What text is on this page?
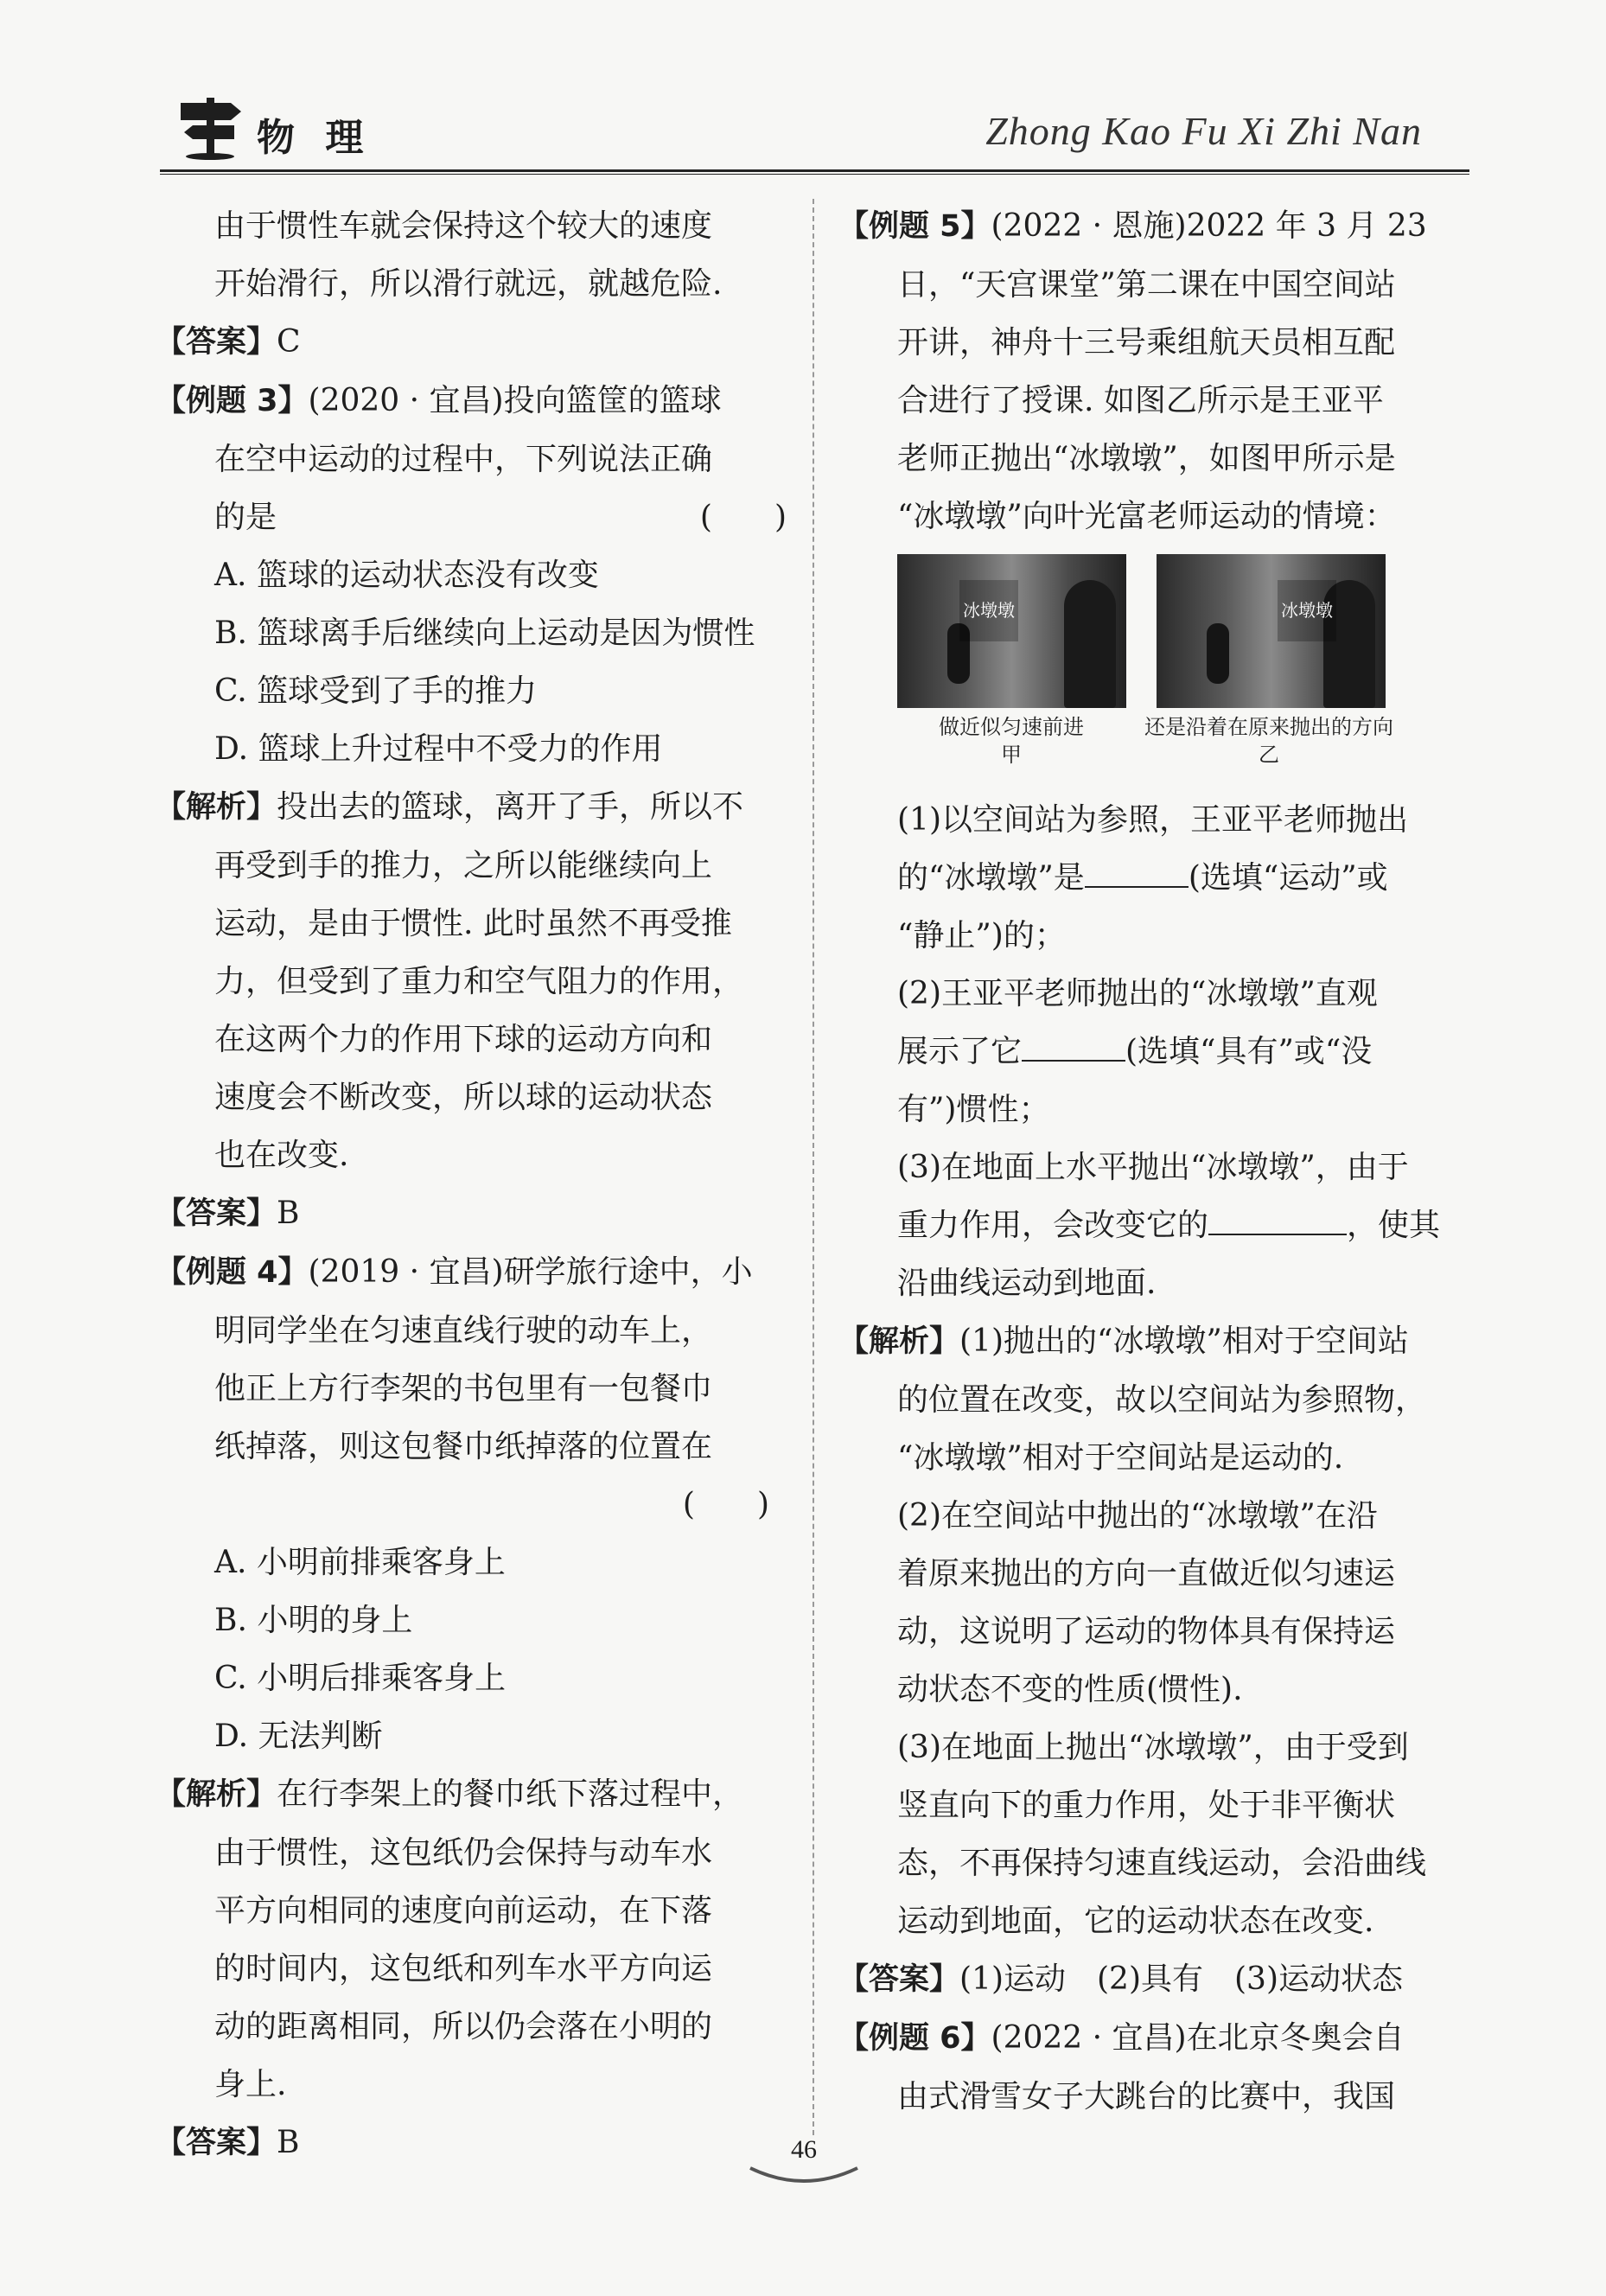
物 理	Zhong Kao Fu Xi Zhi Nan

由于惯性车就会保持这个较大的速度

开始滑行，所以滑行就远，就越危险.

【答案】C

【例题 3】(2020 · 宜昌)投向篮筐的篮球

在空中运动的过程中，下列说法正确

的是	(　　)

A. 篮球的运动状态没有改变

B. 篮球离手后继续向上运动是因为惯性

C. 篮球受到了手的推力

D. 篮球上升过程中不受力的作用

【解析】投出去的篮球，离开了手，所以不

再受到手的推力，之所以能继续向上

运动，是由于惯性. 此时虽然不再受推

力，但受到了重力和空气阻力的作用，

在这两个力的作用下球的运动方向和

速度会不断改变，所以球的运动状态

也在改变.

【答案】B

【例题 4】(2019 · 宜昌)研学旅行途中，小

明同学坐在匀速直线行驶的动车上，

他正上方行李架的书包里有一包餐巾

纸掉落，则这包餐巾纸掉落的位置在

(　　)

A. 小明前排乘客身上

B. 小明的身上

C. 小明后排乘客身上

D. 无法判断

【解析】在行李架上的餐巾纸下落过程中，

由于惯性，这包纸仍会保持与动车水

平方向相同的速度向前运动，在下落

的时间内，这包纸和列车水平方向运

动的距离相同，所以仍会落在小明的

身上.

【答案】B

【例题 5】(2022 · 恩施)2022 年 3 月 23

日，“天宫课堂”第二课在中国空间站

开讲，神舟十三号乘组航天员相互配

合进行了授课. 如图乙所示是王亚平

老师正抛出“冰墩墩”，如图甲所示是

“冰墩墩”向叶光富老师运动的情境：

冰墩墩
做近似匀速前进
甲
冰墩墩
还是沿着在原来抛出的方向
乙

(1)以空间站为参照，王亚平老师抛出

的“冰墩墩”是	(选填“运动”或

“静止”)的；

(2)王亚平老师抛出的“冰墩墩”直观

展示了它	(选填“具有”或“没

有”)惯性；

(3)在地面上水平抛出“冰墩墩”，由于

重力作用，会改变它的	，使其

沿曲线运动到地面.

【解析】(1)抛出的“冰墩墩”相对于空间站

的位置在改变，故以空间站为参照物，

“冰墩墩”相对于空间站是运动的.

(2)在空间站中抛出的“冰墩墩”在沿

着原来抛出的方向一直做近似匀速运

动，这说明了运动的物体具有保持运

动状态不变的性质(惯性).

(3)在地面上抛出“冰墩墩”，由于受到

竖直向下的重力作用，处于非平衡状

态，不再保持匀速直线运动，会沿曲线

运动到地面，它的运动状态在改变.

【答案】(1)运动　(2)具有　(3)运动状态

【例题 6】(2022 · 宜昌)在北京冬奥会自

由式滑雪女子大跳台的比赛中，我国

46
